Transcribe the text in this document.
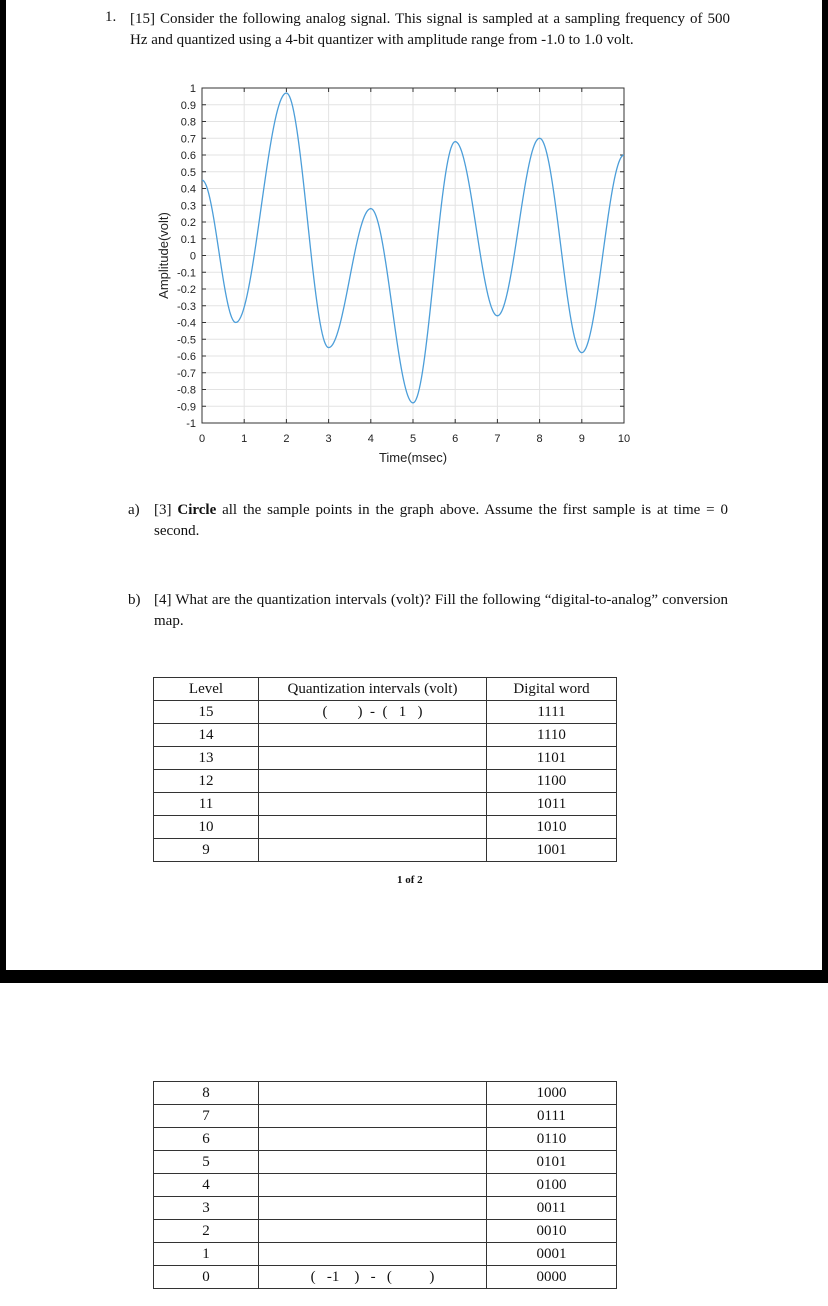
1. [15] Consider the following analog signal. This signal is sampled at a sampling frequency of 500 Hz and quantized using a 4-bit quantizer with amplitude range from -1.0 to 1.0 volt.
0	1	2	3	4	5	6	7	8	9	10
1
0.9
0.8
0.7
0.6
0.5
0.4
0.3
0.2
0.1
0
-0.1
-0.2
-0.3
-0.4
-0.5
-0.6
-0.7
-0.8
-0.9
-1
Time(msec)
Amplitude(volt)
a) [3] Circle all the sample points in the graph above. Assume the first sample is at time = 0 second.
b) [4] What are the quantization intervals (volt)? Fill the following “digital-to-analog” conversion map.
Level	Quantization intervals (volt)	Digital word
15	(        )  -  (   1   )	1111
14		1110
13		1101
12		1100
11		1011
10		1010
9		1001
1 of 2
8		1000
7		0111
6		0110
5		0101
4		0100
3		0011
2		0010
1		0001
0	(   -1    )   -   (          )	0000
